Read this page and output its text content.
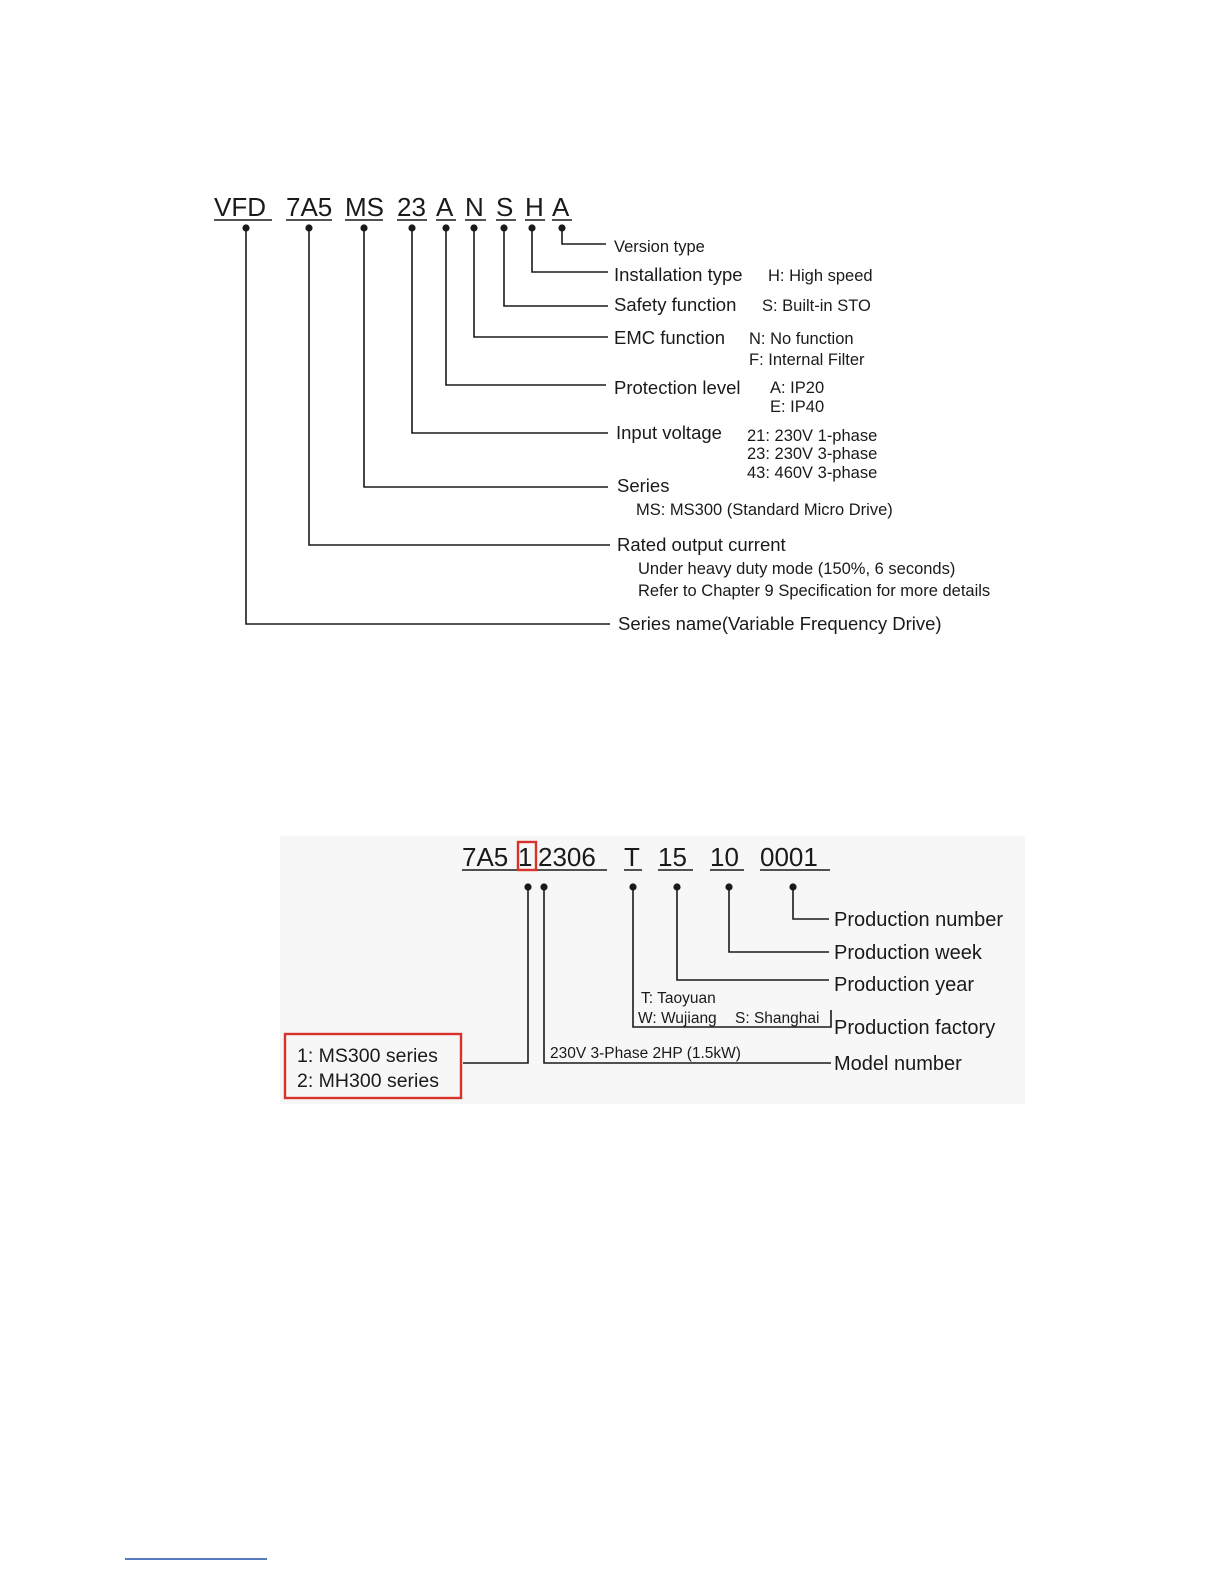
VFD 7A5 MS 23 A N S H A
Version type
Installation type H: High speed
Safety function S: Built-in STO
EMC function N: No function
F: Internal Filter
Protection level A: IP20
E: IP40
Input voltage 21: 230V 1-phase
23: 230V 3-phase
43: 460V 3-phase
Series
MS: MS300 (Standard Micro Drive)
Rated output current
Under heavy duty mode (150%, 6 seconds)
Refer to Chapter 9 Specification for more details
Series name(Variable Frequency Drive)
7A5 1 2306 T 15 10 0001
Production number
Production week
Production year
Production factory
Model number
T: Taoyuan
W: Wujiang S: Shanghai
230V 3-Phase 2HP (1.5kW)
1: MS300 series
2: MH300 series
